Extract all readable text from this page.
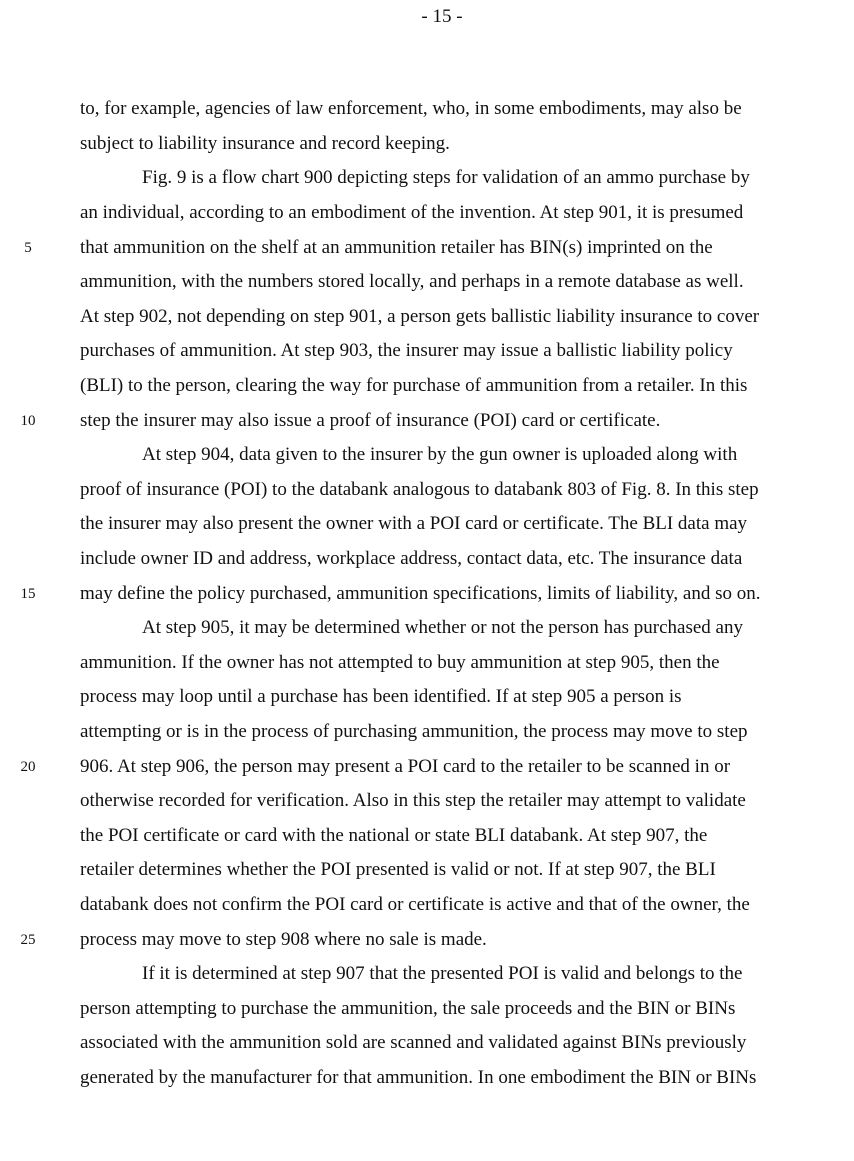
- 15 -
to, for example, agencies of law enforcement, who, in some embodiments, may also be
subject to liability insurance and record keeping.
Fig. 9 is a flow chart 900 depicting steps for validation of an ammo purchase by
an individual, according to an embodiment of the invention. At step 901, it is presumed
that ammunition on the shelf at an ammunition retailer has BIN(s) imprinted on the
ammunition, with the numbers stored locally, and perhaps in a remote database as well.
At step 902, not depending on step 901, a person gets ballistic liability insurance to cover
purchases of ammunition. At step 903, the insurer may issue a ballistic liability policy
(BLI) to the person, clearing the way for purchase of ammunition from a retailer. In this
step the insurer may also issue a proof of insurance (POI) card or certificate.
At step 904, data given to the insurer by the gun owner is uploaded along with
proof of insurance (POI) to the databank analogous to databank 803 of Fig. 8. In this step
the insurer may also present the owner with a POI card or certificate. The BLI data may
include owner ID and address, workplace address, contact data, etc. The insurance data
may define the policy purchased, ammunition specifications, limits of liability, and so on.
At step 905, it may be determined whether or not the person has purchased any
ammunition. If the owner has not attempted to buy ammunition at step 905, then the
process may loop until a purchase has been identified. If at step 905 a person is
attempting or is in the process of purchasing ammunition, the process may move to step
906. At step 906, the person may present a POI card to the retailer to be scanned in or
otherwise recorded for verification. Also in this step the retailer may attempt to validate
the POI certificate or card with the national or state BLI databank. At step 907, the
retailer determines whether the POI presented is valid or not. If at step 907, the BLI
databank does not confirm the POI card or certificate is active and that of the owner, the
process may move to step 908 where no sale is made.
If it is determined at step 907 that the presented POI is valid and belongs to the
person attempting to purchase the ammunition, the sale proceeds and the BIN or BINs
associated with the ammunition sold are scanned and validated against BINs previously
generated by the manufacturer for that ammunition. In one embodiment the BIN or BINs
5
10
15
20
25
